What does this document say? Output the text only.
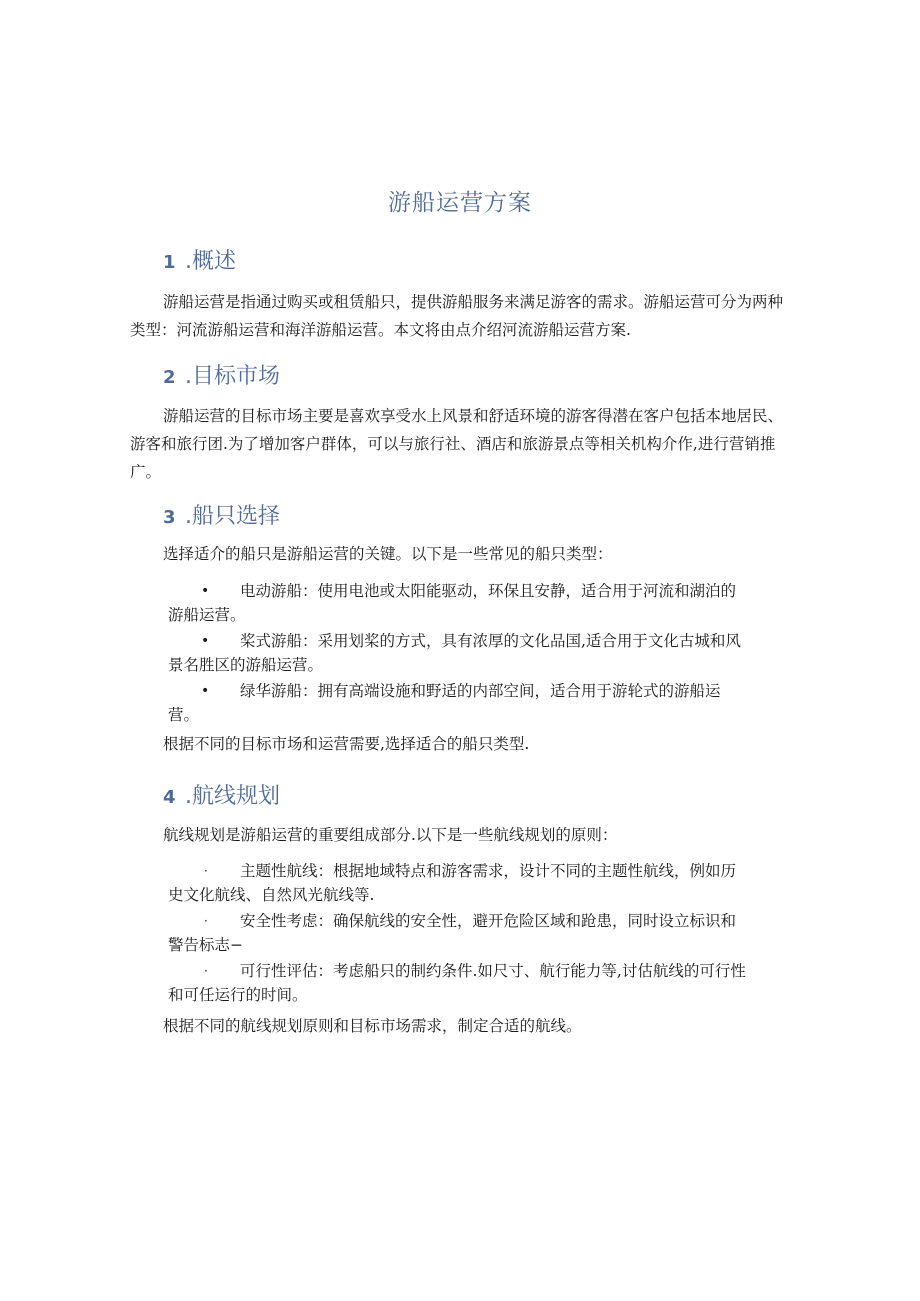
游船运营方案
1 .概述
游船运营是指通过购买或租赁船只，提供游船服务来满足游客的需求。游船运营可分为两种类型：河流游船运营和海洋游船运营。本文将由点介绍河流游船运营方案.
2 .目标市场
游船运营的目标市场主要是喜欢享受水上风景和舒适环境的游客得潜在客户包括本地居民、游客和旅行团.为了增加客户群体，可以与旅行社、酒店和旅游景点等相关机构介作,进行营销推广。
3 .船只选择
选择适介的船只是游船运营的关键。以下是一些常见的船只类型：
•	电动游船：使用电池或太阳能驱动，环保且安静，适合用于河流和湖泊的游船运营。
•	桨式游船：采用划桨的方式，具有浓厚的文化品国,适合用于文化古城和风景名胜区的游船运营。
•	绿华游船：拥有高端设施和野适的内部空间，适合用于游轮式的游船运营。
根据不同的目标市场和运营需要,选择适合的船只类型.
4 .航线规划
航线规划是游船运营的重要组成部分.以下是一些航线规划的原则：
·	主题性航线：根据地域特点和游客需求，设计不同的主题性航线，例如历史文化航线、自然风光航线等.
·	安全性考虑：确保航线的安全性，避开危险区域和跄患，同时设立标识和警告标志−
·	可行性评估：考虑船只的制约条件.如尺寸、航行能力等,讨估航线的可行性和可任运行的时间。
根据不同的航线规划原则和目标市场需求，制定合适的航线。
